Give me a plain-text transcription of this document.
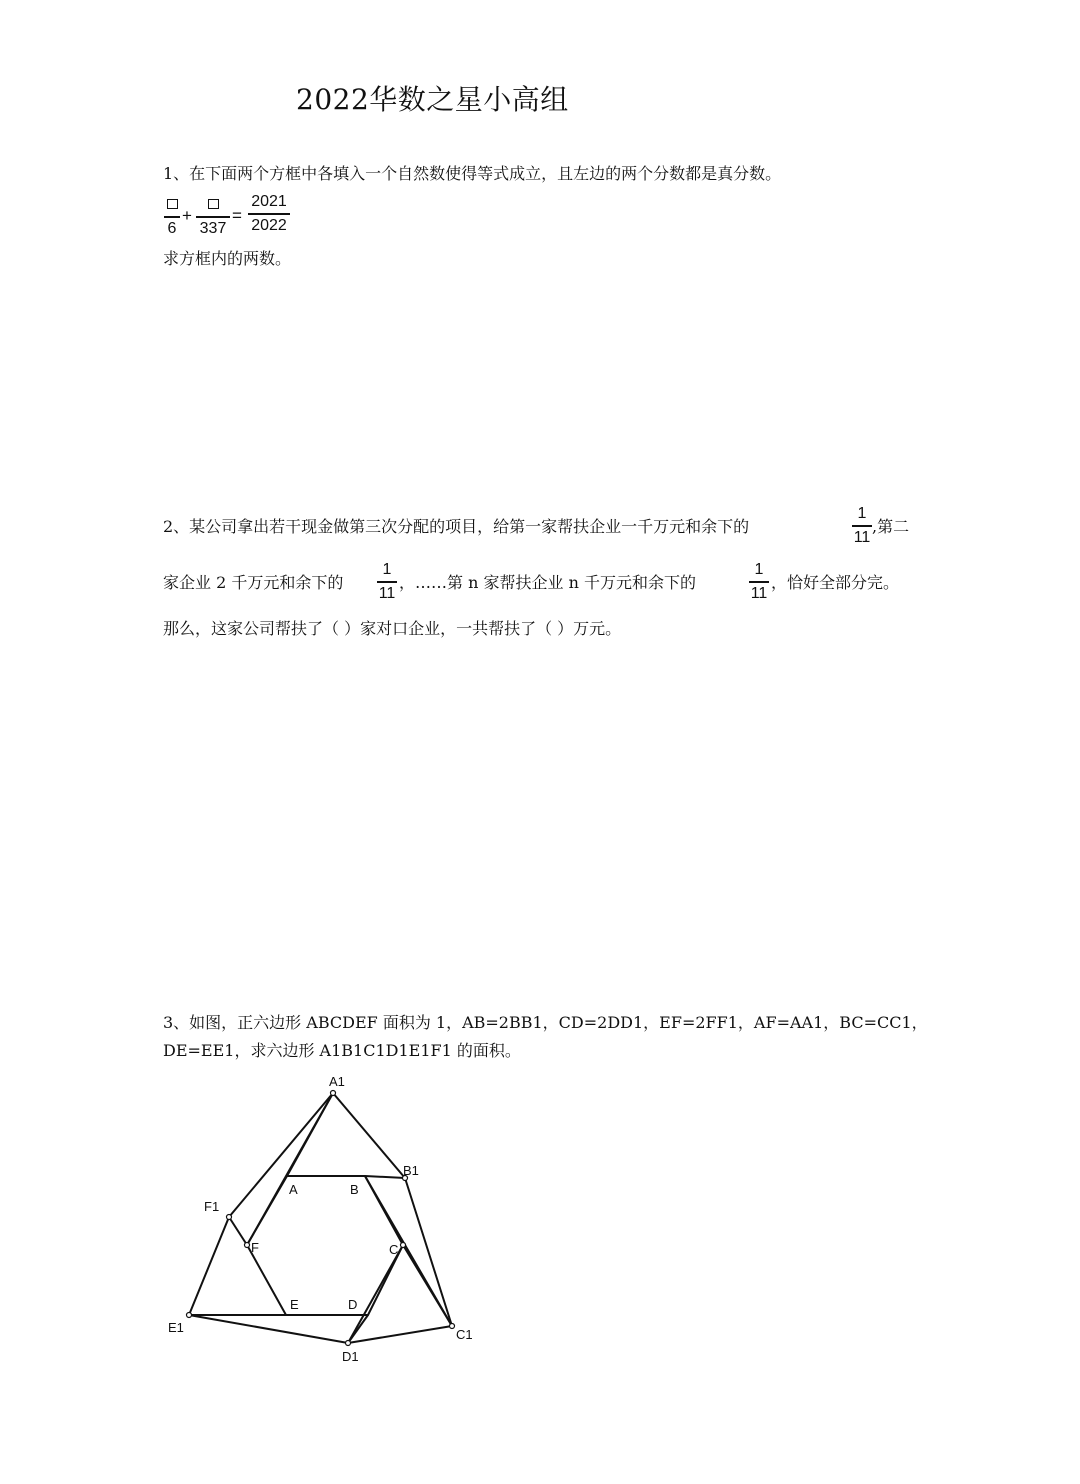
2022华数之星小高组
1、在下面两个方框中各填入一个自然数使得等式成立，且左边的两个分数都是真分数。
6
+
337
=
2021
2022
求方框内的两数。
2、某公司拿出若干现金做第三次分配的项目，给第一家帮扶企业一千万元和余下的
1
11
,第二
家企业 2 千万元和余下的
1
11
，……第 n 家帮扶企业 n 千万元和余下的
1
11
，恰好全部分完。
那么，这家公司帮扶了（ ）家对口企业，一共帮扶了（ ）万元。
3、如图，正六边形 ABCDEF 面积为 1，AB=2BB1，CD=2DD1，EF=2FF1，AF=AA1，BC=CC1，
DE=EE1，求六边形 A1B1C1D1E1F1 的面积。
A1
B1
C1
D1
E1
F1
A	B
C
D
E
F
